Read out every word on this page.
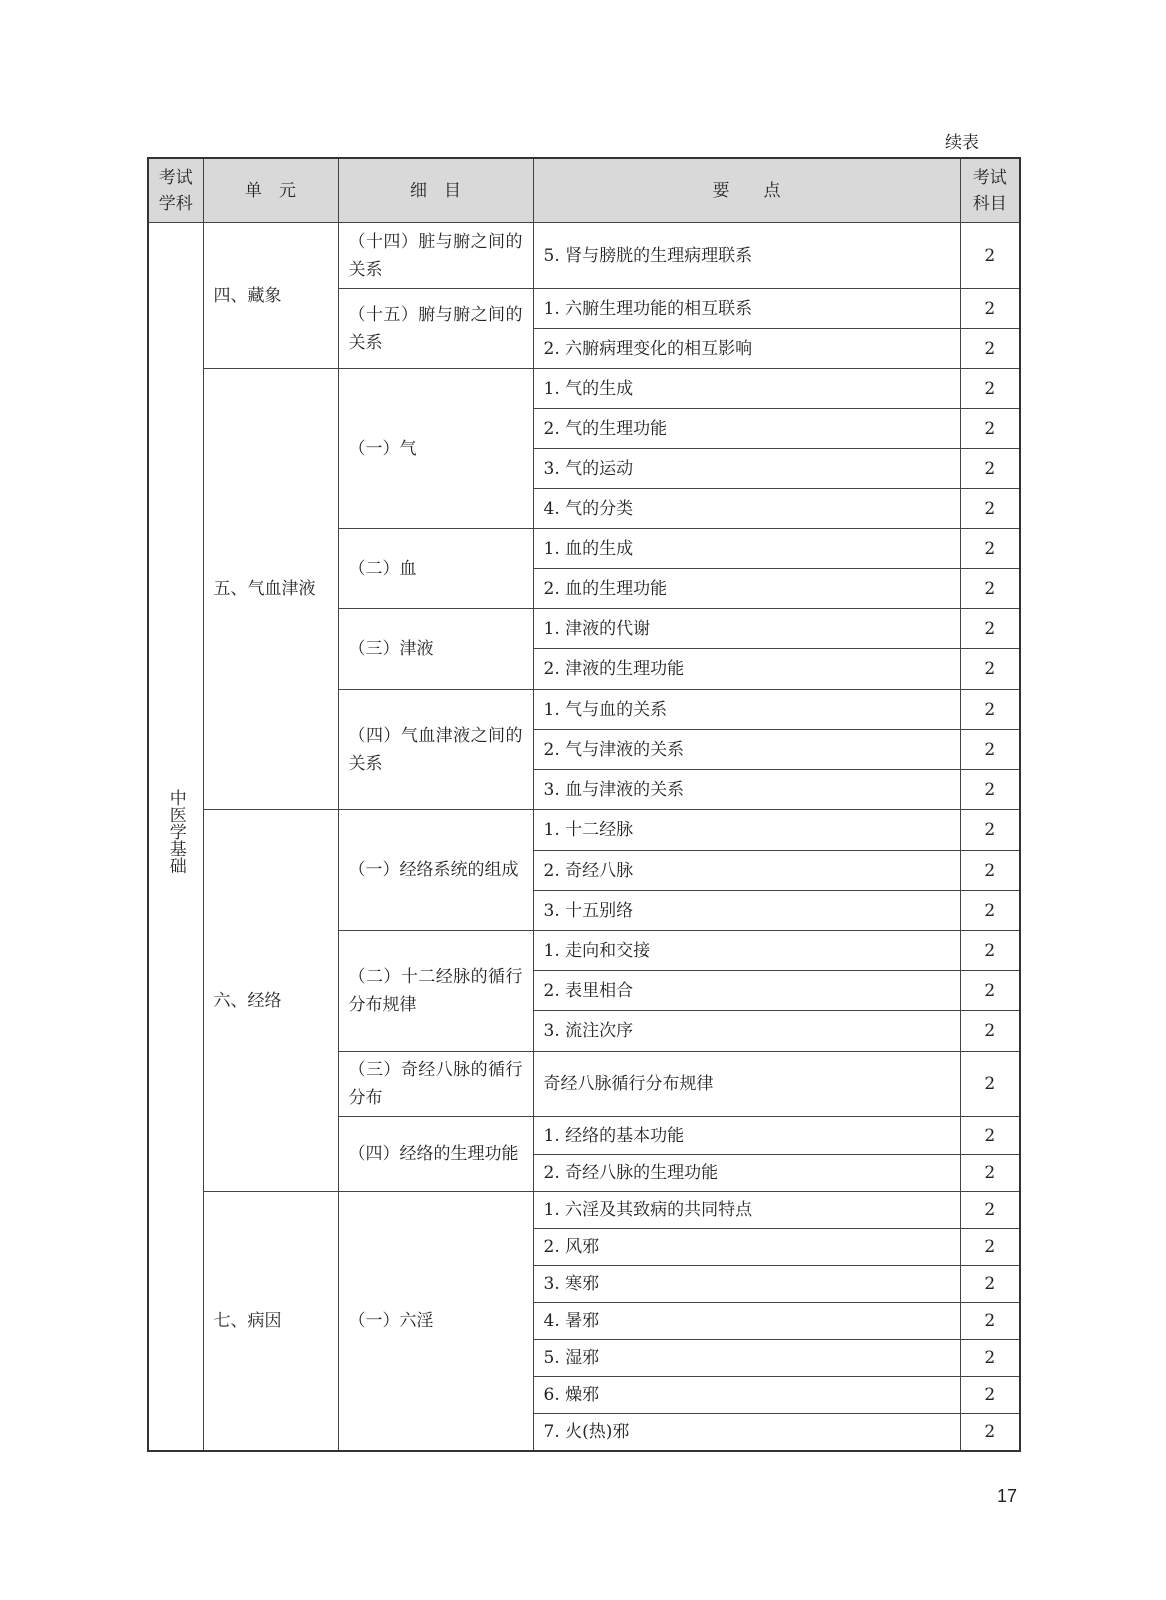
续表
考试学科	单　元	细　目	要　　点	考试科目
中医学基础	四、藏象	（十四）脏与腑之间的关系	5. 肾与膀胱的生理病理联系	2
		（十五）腑与腑之间的关系	1. 六腑生理功能的相互联系	2
			2. 六腑病理变化的相互影响	2
	五、气血津液	（一）气	1. 气的生成	2
			2. 气的生理功能	2
			3. 气的运动	2
			4. 气的分类	2
		（二）血	1. 血的生成	2
			2. 血的生理功能	2
		（三）津液	1. 津液的代谢	2
			2. 津液的生理功能	2
		（四）气血津液之间的关系	1. 气与血的关系	2
			2. 气与津液的关系	2
			3. 血与津液的关系	2
	六、经络	（一）经络系统的组成	1. 十二经脉	2
			2. 奇经八脉	2
			3. 十五别络	2
		（二）十二经脉的循行分布规律	1. 走向和交接	2
			2. 表里相合	2
			3. 流注次序	2
		（三）奇经八脉的循行分布	奇经八脉循行分布规律	2
		（四）经络的生理功能	1. 经络的基本功能	2
			2. 奇经八脉的生理功能	2
	七、病因	（一）六淫	1. 六淫及其致病的共同特点	2
			2. 风邪	2
			3. 寒邪	2
			4. 暑邪	2
			5. 湿邪	2
			6. 燥邪	2
			7. 火(热)邪	2
17
